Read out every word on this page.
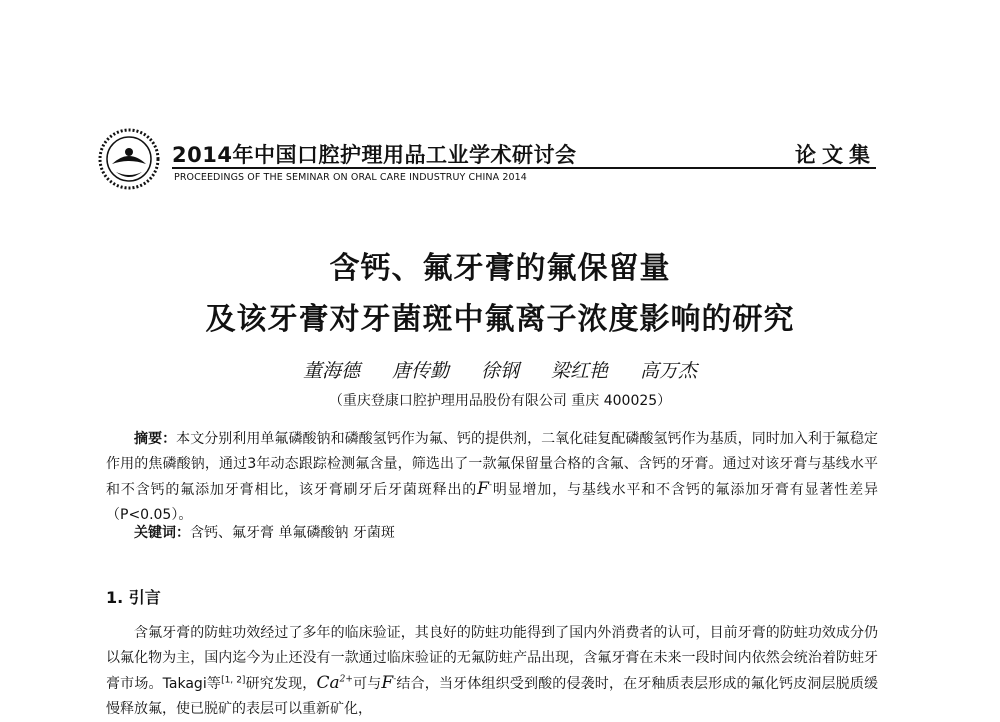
2014年中国口腔护理用品工业学术研讨会	论文集
PROCEEDINGS OF THE SEMINAR ON ORAL CARE INDUSTRUY CHINA 2014
含钙、氟牙膏的氟保留量
及该牙膏对牙菌斑中氟离子浓度影响的研究
董海德 唐传勤 徐钢 梁红艳 高万杰
（重庆登康口腔护理用品股份有限公司 重庆 400025）
摘要：本文分别利用单氟磷酸钠和磷酸氢钙作为氟、钙的提供剂，二氧化硅复配磷酸氢钙作为基质，同时加入利于氟稳定作用的焦磷酸钠，通过3年动态跟踪检测氟含量，筛选出了一款氟保留量合格的含氟、含钙的牙膏。通过对该牙膏与基线水平和不含钙的氟添加牙膏相比，该牙膏刷牙后牙菌斑释出的F-明显增加，与基线水平和不含钙的氟添加牙膏有显著性差异（P<0.05）。
关键词：含钙、氟牙膏 单氟磷酸钠 牙菌斑
1. 引言
含氟牙膏的防蛀功效经过了多年的临床验证，其良好的防蛀功能得到了国内外消费者的认可，目前牙膏的防蛀功效成分仍以氟化物为主，国内迄今为止还没有一款通过临床验证的无氟防蛀产品出现，含氟牙膏在未来一段时间内依然会统治着防蛀牙膏市场。Takagi等[1, 2]研究发现，$Ca^{2+}$可与F-结合，当牙体组织受到酸的侵袭时，在牙釉质表层形成的氟化钙皮洞层脱质缓慢释放氟，使已脱矿的表层可以重新矿化，
